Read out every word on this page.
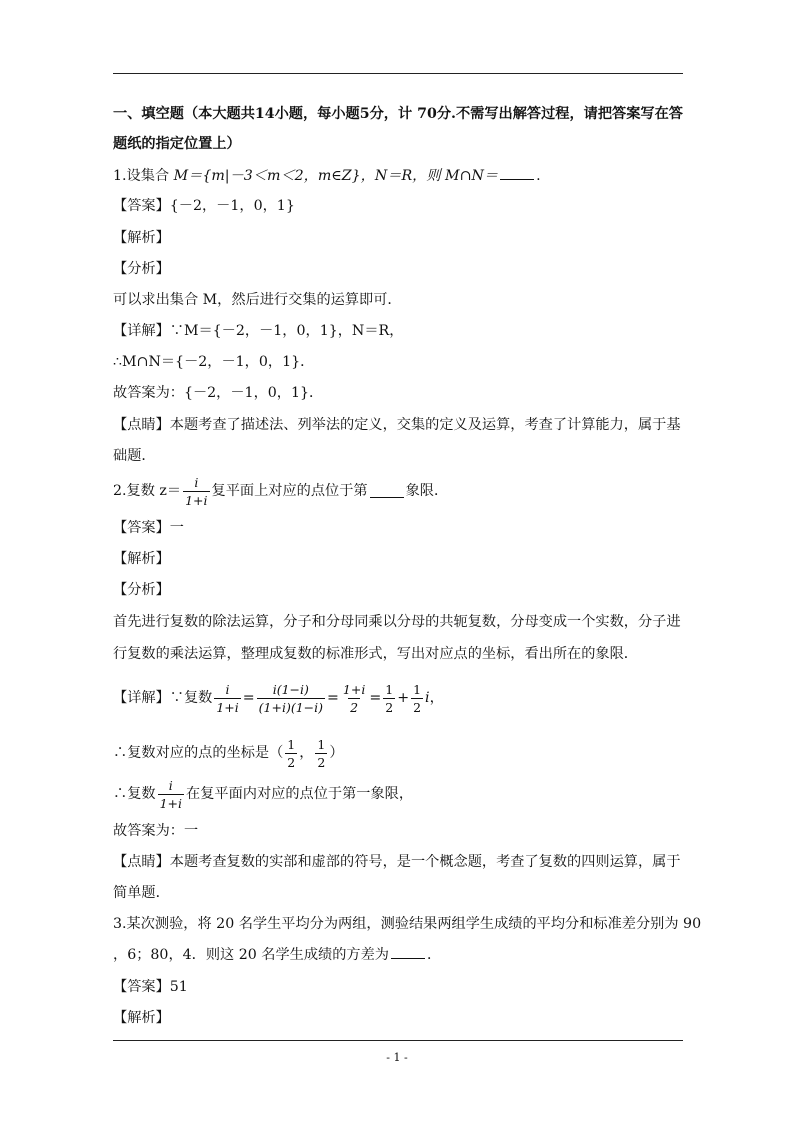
一、填空题（本大题共14小题，每小题5分，计 70分.不需写出解答过程，请把答案写在答
题纸的指定位置上）
1.设集合 M＝{m|－3＜m＜2，m∈Z}，N＝R，则 M∩N＝	.
【答案】{－2，－1，0，1}
【解析】
【分析】
可以求出集合 M，然后进行交集的运算即可．
【详解】∵M＝{－2，－1，0，1}，N＝R，
∴M∩N＝{－2，－1，0，1}．
故答案为：{－2，－1，0，1}．
【点睛】本题考查了描述法、列举法的定义，交集的定义及运算，考查了计算能力，属于基
础题．
2.复数 $z= \frac{i}{1+i}$ 复平面上对应的点位于第	象限．
【答案】一
【解析】
【分析】
首先进行复数的除法运算，分子和分母同乘以分母的共轭复数，分母变成一个实数，分子进
行复数的乘法运算，整理成复数的标准形式，写出对应点的坐标，看出所在的象限．
【详解】∵复数 $\frac{i}{1+i} = \frac{i(1-i)}{(1+i)(1-i)} = \frac{1+i}{2} = \frac{1}{2} + \frac{1}{2}$ i ，
∴复数对应的点的坐标是（ $\frac{1}{2}$ ， $\frac{1}{2}$ ）
∴复数 $\frac{i}{1+i}$ 在复平面内对应的点位于第一象限，
故答案为：一
【点睛】本题考查复数的实部和虚部的符号，是一个概念题，考查了复数的四则运算，属于
简单题．
3.某次测验，将 20 名学生平均分为两组，测验结果两组学生成绩的平均分和标准差分别为 90
，6；80，4．则这 20 名学生成绩的方差为	．
【答案】51
【解析】
- 1 -
